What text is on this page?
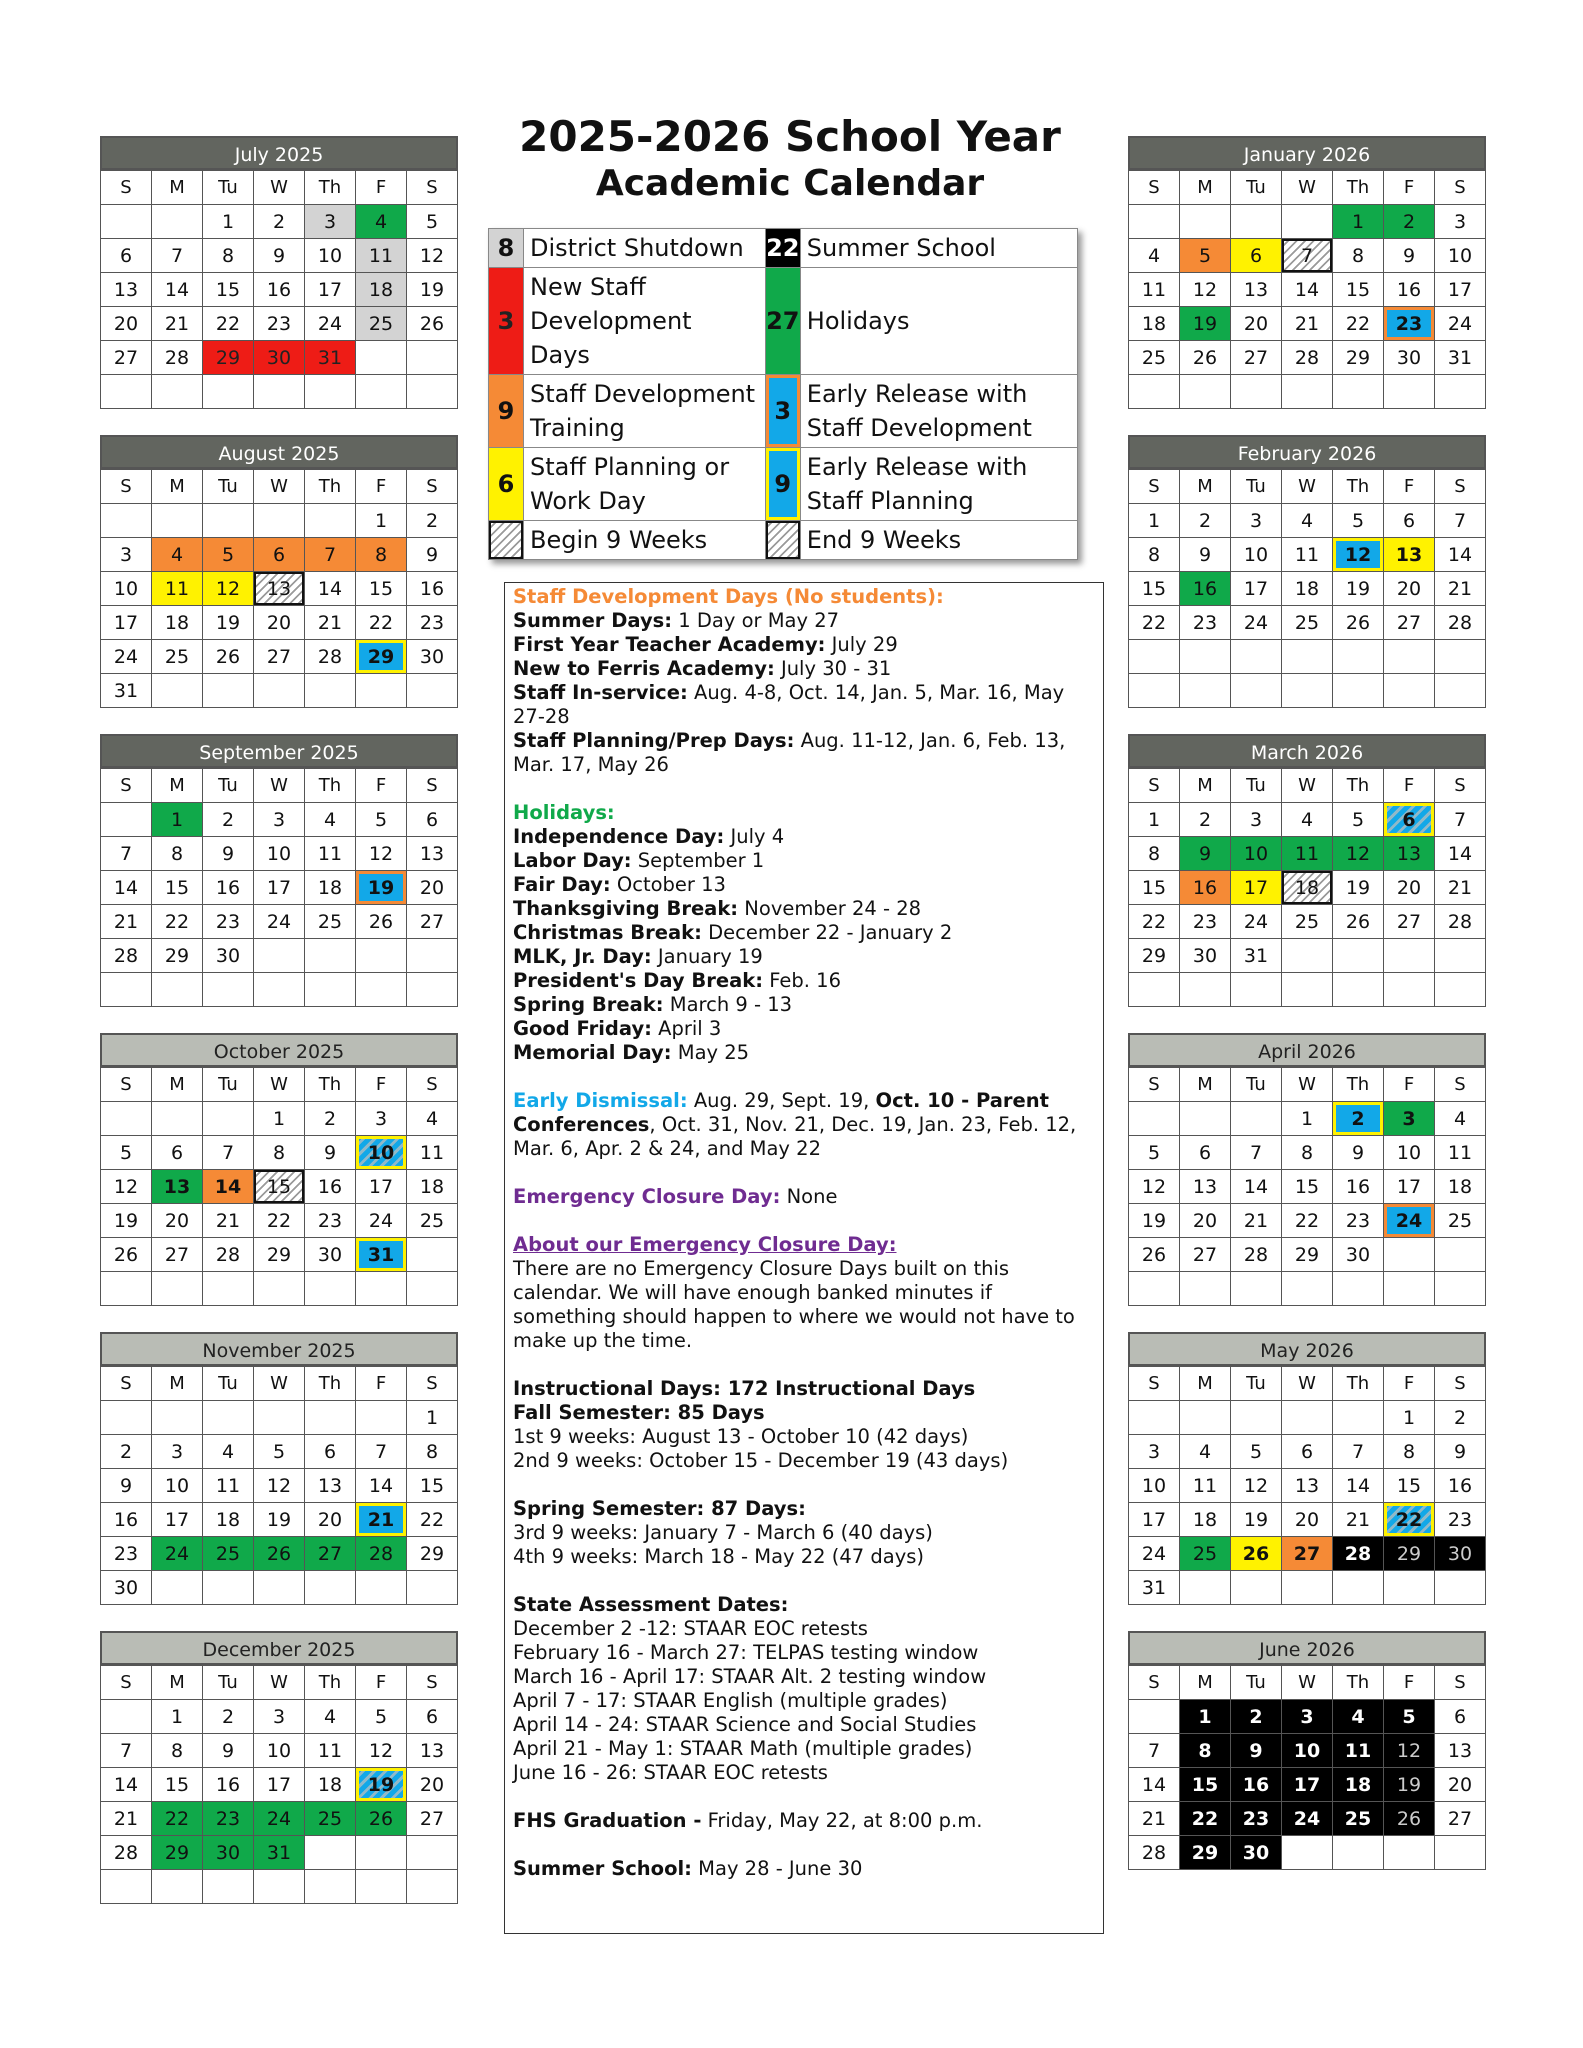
July 2025
S	M	Tu	W	Th	F	S
		1	2	3	4	5
6	7	8	9	10	11	12
13	14	15	16	17	18	19
20	21	22	23	24	25	26
27	28	29	30	31		

August 2025
S	M	Tu	W	Th	F	S
					1	2
3	4	5	6	7	8	9
10	11	12	13	14	15	16
17	18	19	20	21	22	23
24	25	26	27	28	29	30
31						
September 2025
S	M	Tu	W	Th	F	S
	1	2	3	4	5	6
7	8	9	10	11	12	13
14	15	16	17	18	19	20
21	22	23	24	25	26	27
28	29	30				

October 2025
S	M	Tu	W	Th	F	S
			1	2	3	4
5	6	7	8	9	10	11
12	13	14	15	16	17	18
19	20	21	22	23	24	25
26	27	28	29	30	31	

November 2025
S	M	Tu	W	Th	F	S
						1
2	3	4	5	6	7	8
9	10	11	12	13	14	15
16	17	18	19	20	21	22
23	24	25	26	27	28	29
30						
December 2025
S	M	Tu	W	Th	F	S
	1	2	3	4	5	6
7	8	9	10	11	12	13
14	15	16	17	18	19	20
21	22	23	24	25	26	27
28	29	30	31			

January 2026
S	M	Tu	W	Th	F	S
				1	2	3
4	5	6	7	8	9	10
11	12	13	14	15	16	17
18	19	20	21	22	23	24
25	26	27	28	29	30	31

February 2026
S	M	Tu	W	Th	F	S
1	2	3	4	5	6	7
8	9	10	11	12	13	14
15	16	17	18	19	20	21
22	23	24	25	26	27	28

March 2026
S	M	Tu	W	Th	F	S
1	2	3	4	5	6	7
8	9	10	11	12	13	14
15	16	17	18	19	20	21
22	23	24	25	26	27	28
29	30	31				

April 2026
S	M	Tu	W	Th	F	S
			1	2	3	4
5	6	7	8	9	10	11
12	13	14	15	16	17	18
19	20	21	22	23	24	25
26	27	28	29	30		

May 2026
S	M	Tu	W	Th	F	S
					1	2
3	4	5	6	7	8	9
10	11	12	13	14	15	16
17	18	19	20	21	22	23
24	25	26	27	28	29	30
31						
June 2026
S	M	Tu	W	Th	F	S
	1	2	3	4	5	6
7	8	9	10	11	12	13
14	15	16	17	18	19	20
21	22	23	24	25	26	27
28	29	30				
2025-2026 School Year
Academic Calendar
8	District Shutdown	22	Summer School
3	New Staff Development Days	27	Holidays
9	Staff Development Training	3	Early Release with Staff Development
6	Staff Planning or Work Day	9	Early Release with Staff Planning
	Begin 9 Weeks		End 9 Weeks

Staff Development Days (No students):

Summer Days: 1 Day or May 27

First Year Teacher Academy: July 29

New to Ferris Academy: July 30 - 31

Staff In-service: Aug. 4-8, Oct. 14, Jan. 5, Mar. 16, May 27-28

Staff Planning/Prep Days: Aug. 11-12, Jan. 6, Feb. 13, Mar. 17, May 26

Holidays:

Independence Day: July 4

Labor Day: September 1

Fair Day: October 13

Thanksgiving Break: November 24 - 28

Christmas Break: December 22 - January 2

MLK, Jr. Day: January 19

President's Day Break: Feb. 16

Spring Break: March 9 - 13

Good Friday: April 3

Memorial Day: May 25

Early Dismissal: Aug. 29, Sept. 19, Oct. 10 - Parent Conferences, Oct. 31, Nov. 21, Dec. 19, Jan. 23, Feb. 12, Mar. 6, Apr. 2 & 24, and May 22

Emergency Closure Day: None

About our Emergency Closure Day:

There are no Emergency Closure Days built on this calendar. We will have enough banked minutes if something should happen to where we would not have to make up the time.

Instructional Days: 172 Instructional Days

Fall Semester: 85 Days

1st 9 weeks: August 13 - October 10 (42 days)

2nd 9 weeks: October 15 - December 19 (43 days)

Spring Semester: 87 Days:

3rd 9 weeks: January 7 - March 6 (40 days)

4th 9 weeks: March 18 - May 22 (47 days)

State Assessment Dates:

December 2 -12: STAAR EOC retests

February 16 - March 27: TELPAS testing window

March 16 - April 17: STAAR Alt. 2 testing window

April 7 - 17: STAAR English (multiple grades)

April 14 - 24: STAAR Science and Social Studies

April 21 - May 1: STAAR Math (multiple grades)

June 16 - 26: STAAR EOC retests

FHS Graduation - Friday, May 22, at 8:00 p.m.

Summer School: May 28 - June 30
